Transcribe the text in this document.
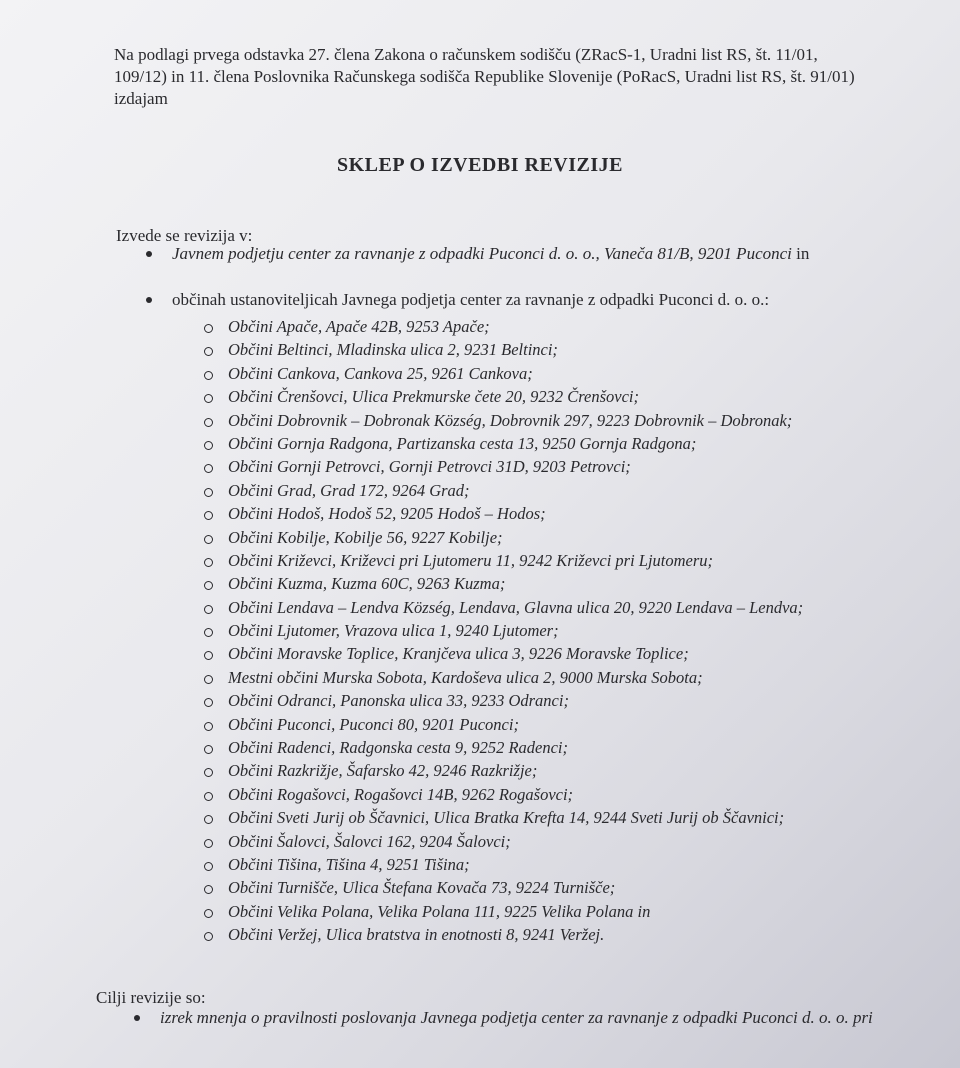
Na podlagi prvega odstavka 27. člena Zakona o računskem sodišču (ZRacS-1, Uradni list RS, št. 11/01, 109/12) in 11. člena Poslovnika Računskega sodišča Republike Slovenije (PoRacS, Uradni list RS, št. 91/01) izdajam
SKLEP O IZVEDBI REVIZIJE
Izvede se revizija v:
Javnem podjetju center za ravnanje z odpadki Puconci d. o. o., Vaneča 81/B, 9201 Puconci in
občinah ustanoviteljicah Javnega podjetja center za ravnanje z odpadki Puconci d. o. o.:
Občini Apače, Apače 42B, 9253 Apače;
Občini Beltinci, Mladinska ulica 2, 9231 Beltinci;
Občini Cankova, Cankova 25, 9261 Cankova;
Občini Črenšovci, Ulica Prekmurske čete 20, 9232 Črenšovci;
Občini Dobrovnik – Dobronak Község, Dobrovnik 297, 9223 Dobrovnik – Dobronak;
Občini Gornja Radgona, Partizanska cesta 13, 9250 Gornja Radgona;
Občini Gornji Petrovci, Gornji Petrovci 31D, 9203 Petrovci;
Občini Grad, Grad 172, 9264 Grad;
Občini Hodoš, Hodoš 52, 9205 Hodoš – Hodos;
Občini Kobilje, Kobilje 56, 9227 Kobilje;
Občini Križevci, Križevci pri Ljutomeru 11, 9242 Križevci pri Ljutomeru;
Občini Kuzma, Kuzma 60C, 9263 Kuzma;
Občini Lendava – Lendva Község, Lendava, Glavna ulica 20, 9220 Lendava – Lendva;
Občini Ljutomer, Vrazova ulica 1, 9240 Ljutomer;
Občini Moravske Toplice, Kranjčeva ulica 3, 9226 Moravske Toplice;
Mestni občini Murska Sobota, Kardoševa ulica 2, 9000 Murska Sobota;
Občini Odranci, Panonska ulica 33, 9233 Odranci;
Občini Puconci, Puconci 80, 9201 Puconci;
Občini Radenci, Radgonska cesta 9, 9252 Radenci;
Občini Razkrižje, Šafarsko 42, 9246 Razkrižje;
Občini Rogašovci, Rogašovci 14B, 9262 Rogašovci;
Občini Sveti Jurij ob Ščavnici, Ulica Bratka Krefta 14, 9244 Sveti Jurij ob Ščavnici;
Občini Šalovci, Šalovci 162, 9204 Šalovci;
Občini Tišina, Tišina 4, 9251 Tišina;
Občini Turnišče, Ulica Štefana Kovača 73, 9224 Turnišče;
Občini Velika Polana, Velika Polana 111, 9225 Velika Polana in
Občini Veržej, Ulica bratstva in enotnosti 8, 9241 Veržej.
Cilji revizije so:
izrek mnenja o pravilnosti poslovanja Javnega podjetja center za ravnanje z odpadki Puconci d. o. o. pri
